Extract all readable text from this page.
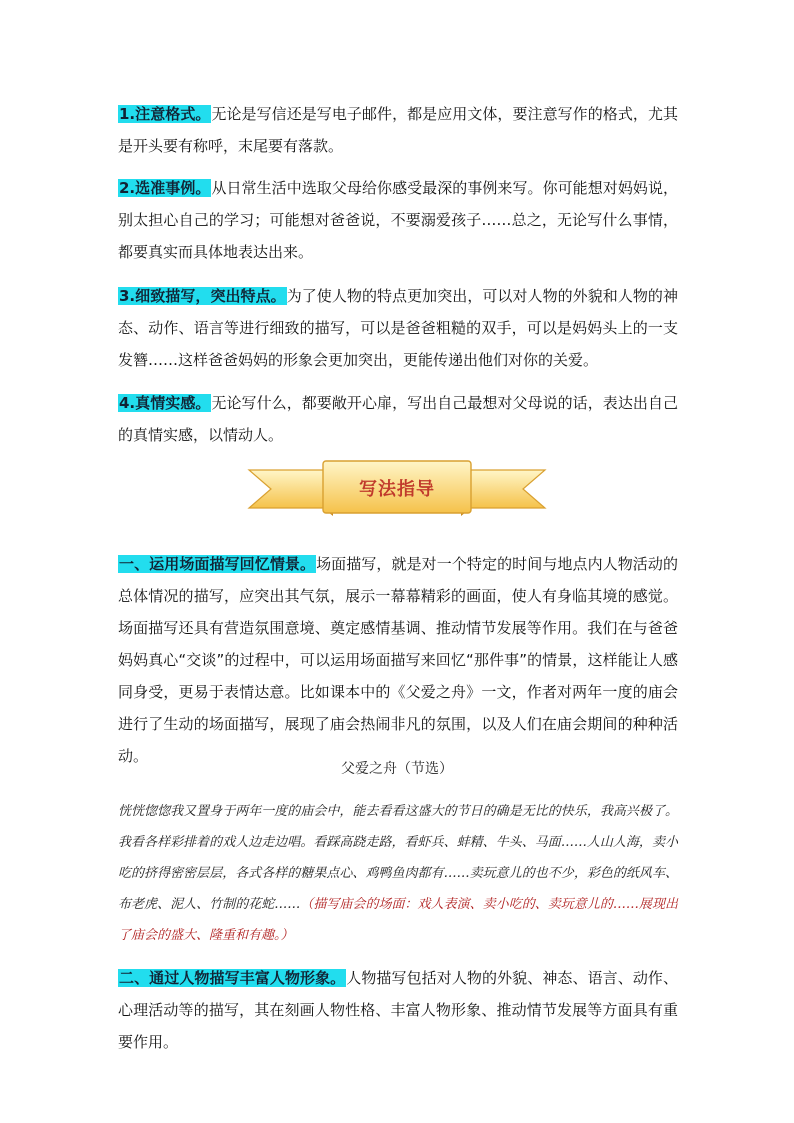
1.注意格式。无论是写信还是写电子邮件，都是应用文体，要注意写作的格式，尤其是开头要有称呼，末尾要有落款。

2.选准事例。从日常生活中选取父母给你感受最深的事例来写。你可能想对妈妈说，别太担心自己的学习；可能想对爸爸说，不要溺爱孩子……总之，无论写什么事情，都要真实而具体地表达出来。

3.细致描写，突出特点。为了使人物的特点更加突出，可以对人物的外貌和人物的神态、动作、语言等进行细致的描写，可以是爸爸粗糙的双手，可以是妈妈头上的一支发簪……这样爸爸妈妈的形象会更加突出，更能传递出他们对你的关爱。

4.真情实感。无论写什么，都要敞开心扉，写出自己最想对父母说的话，表达出自己的真情实感，以情动人。

写法指导

一、运用场面描写回忆情景。场面描写，就是对一个特定的时间与地点内人物活动的总体情况的描写，应突出其气氛，展示一幕幕精彩的画面，使人有身临其境的感觉。场面描写还具有营造氛围意境、奠定感情基调、推动情节发展等作用。我们在与爸爸妈妈真心“交谈”的过程中，可以运用场面描写来回忆“那件事”的情景，这样能让人感同身受，更易于表情达意。比如课本中的《父爱之舟》一文，作者对两年一度的庙会进行了生动的场面描写，展现了庙会热闹非凡的氛围，以及人们在庙会期间的种种活动。

父爱之舟（节选）

恍恍惚惚我又置身于两年一度的庙会中，能去看看这盛大的节日的确是无比的快乐，我高兴极了。我看各样彩排着的戏人边走边唱。看踩高跷走路，看虾兵、蚌精、牛头、马面……人山人海，卖小吃的挤得密密层层，各式各样的糖果点心、鸡鸭鱼肉都有……卖玩意儿的也不少，彩色的纸风车、布老虎、泥人、竹制的花蛇……（描写庙会的场面：戏人表演、卖小吃的、卖玩意儿的……展现出了庙会的盛大、隆重和有趣。）

二、通过人物描写丰富人物形象。人物描写包括对人物的外貌、神态、语言、动作、心理活动等的描写，其在刻画人物性格、丰富人物形象、推动情节发展等方面具有重要作用。
